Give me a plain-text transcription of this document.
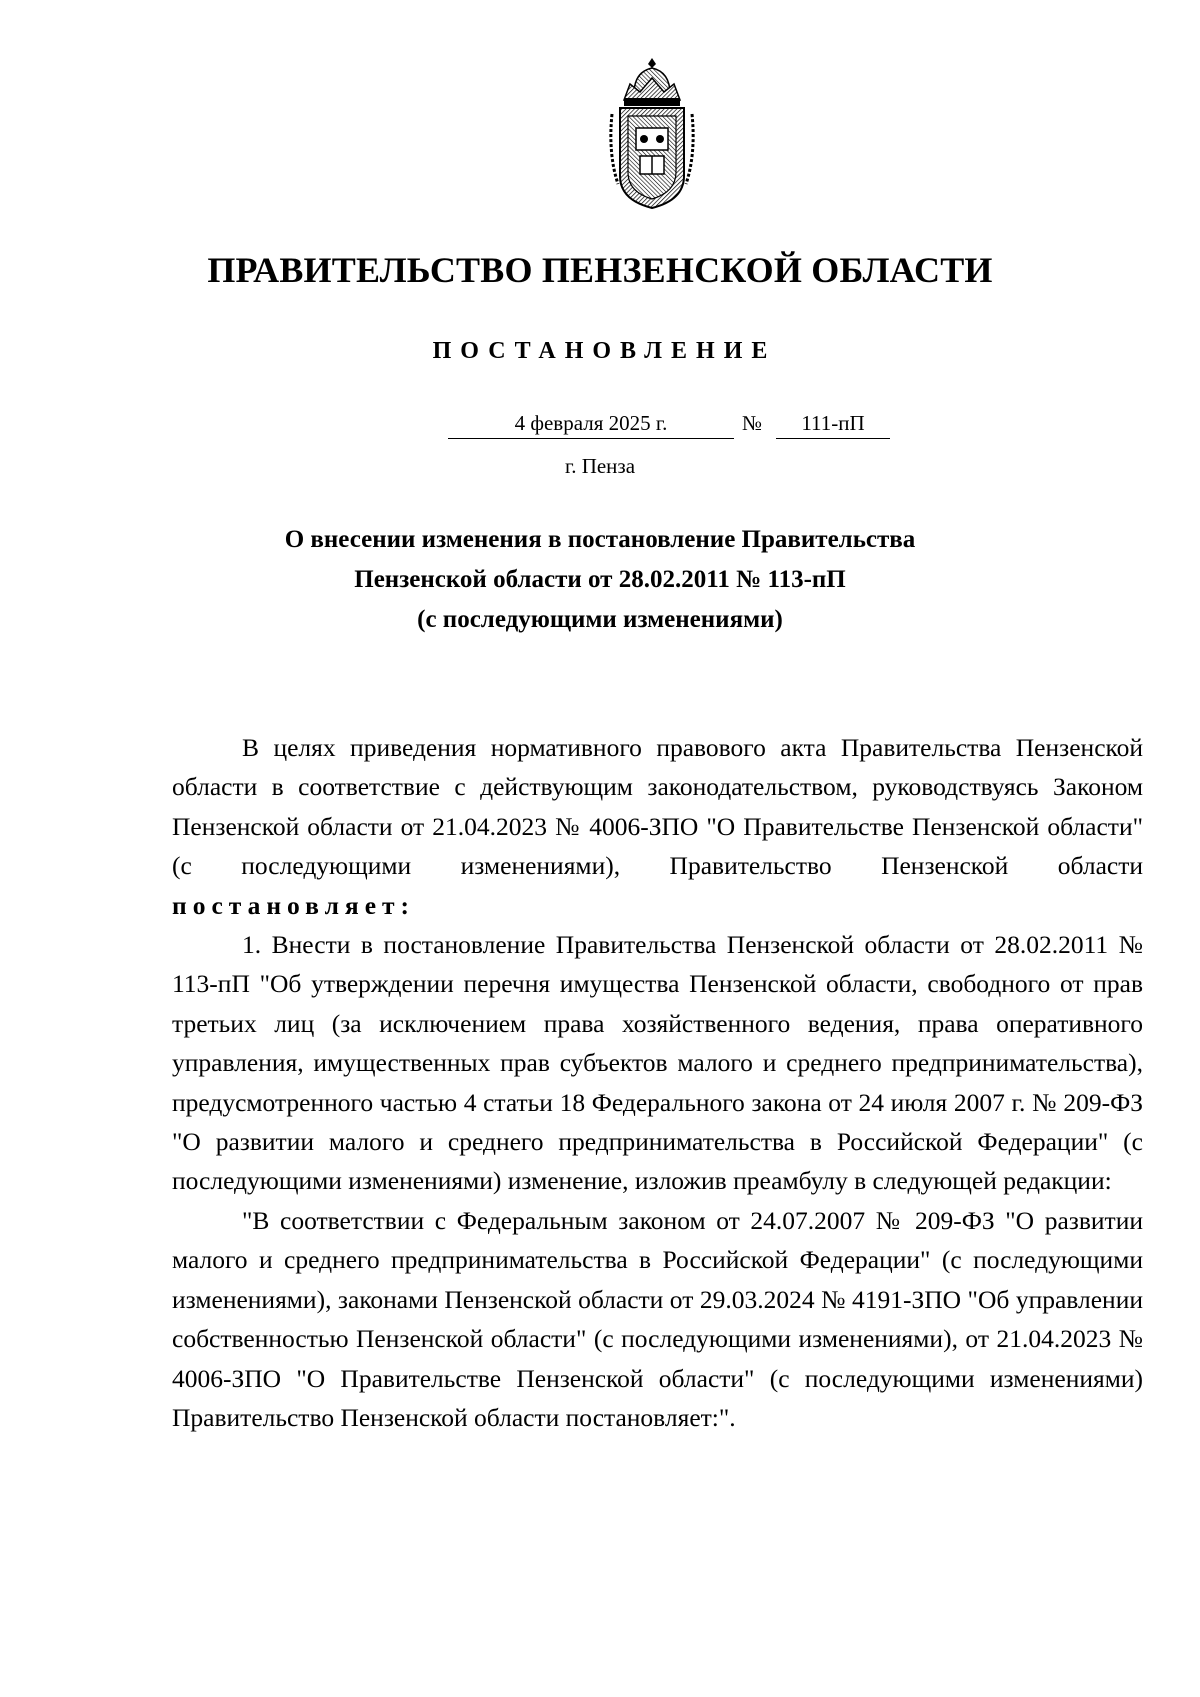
ПРАВИТЕЛЬСТВО ПЕНЗЕНСКОЙ ОБЛАСТИ
ПОСТАНОВЛЕНИЕ
4 февраля 2025 г.	№	111-пП
г. Пенза
О внесении изменения в постановление Правительства
Пензенской области от 28.02.2011 № 113-пП
(с последующими изменениями)

В целях приведения нормативного правового акта Правительства Пензенской области в соответствие с действующим законодательством, руководствуясь Законом Пензенской области от 21.04.2023 № 4006-ЗПО "О Правительстве Пензенской области" (с последующими изменениями), Правительство Пензенской области постановляет:

1. Внести в постановление Правительства Пензенской области от 28.02.2011 № 113-пП "Об утверждении перечня имущества Пензенской области, свободного от прав третьих лиц (за исключением права хозяйственного ведения, права оперативного управления, имущественных прав субъектов малого и среднего предпринимательства), предусмотренного частью 4 статьи 18 Федерального закона от 24 июля 2007 г. № 209-ФЗ "О развитии малого и среднего предпринимательства в Российской Федерации" (с последующими изменениями) изменение, изложив преамбулу в следующей редакции:

"В соответствии с Федеральным законом от 24.07.2007 № 209-ФЗ "О развитии малого и среднего предпринимательства в Российской Федерации" (с последующими изменениями), законами Пензенской области от 29.03.2024 № 4191-ЗПО "Об управлении собственностью Пензенской области" (с последующими изменениями), от 21.04.2023 № 4006-ЗПО "О Правительстве Пензенской области" (с последующими изменениями) Правительство Пензенской области постановляет:".
